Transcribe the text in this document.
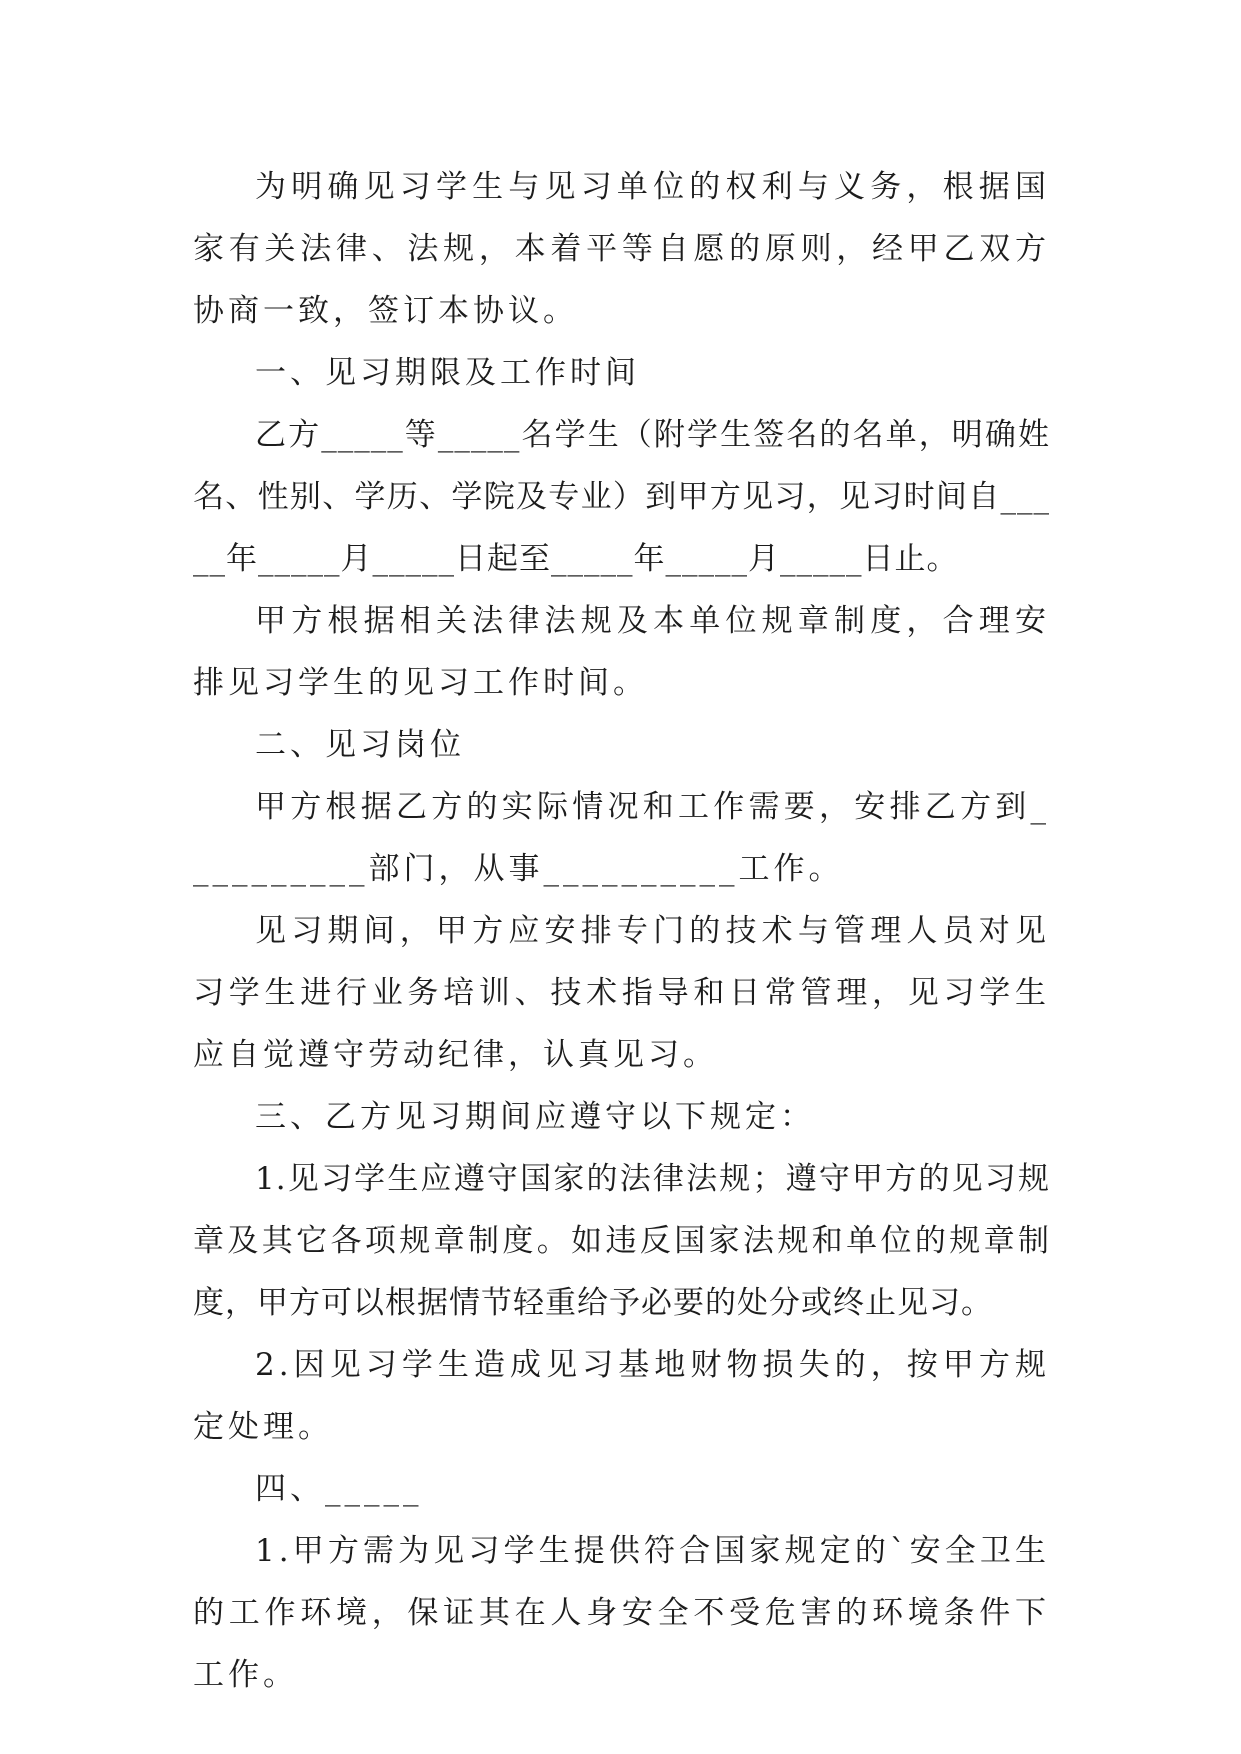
为明确见习学生与见习单位的权利与义务，根据国家有关法律、法规，本着平等自愿的原则，经甲乙双方协商一致，签订本协议。

一、见习期限及工作时间

乙方_____等_____名学生（附学生签名的名单，明确姓名、性别、学历、学院及专业）到甲方见习，见习时间自_____年_____月_____日起至_____年_____月_____日止。

甲方根据相关法律法规及本单位规章制度，合理安排见习学生的见习工作时间。

二、见习岗位

甲方根据乙方的实际情况和工作需要，安排乙方到__________部门，从事__________工作。

见习期间，甲方应安排专门的技术与管理人员对见习学生进行业务培训、技术指导和日常管理，见习学生应自觉遵守劳动纪律，认真见习。

三、乙方见习期间应遵守以下规定：

1.见习学生应遵守国家的法律法规；遵守甲方的见习规章及其它各项规章制度。如违反国家法规和单位的规章制度，甲方可以根据情节轻重给予必要的处分或终止见习。

2.因见习学生造成见习基地财物损失的，按甲方规定处理。

四、_____

1.甲方需为见习学生提供符合国家规定的`安全卫生的工作环境，保证其在人身安全不受危害的环境条件下工作。
